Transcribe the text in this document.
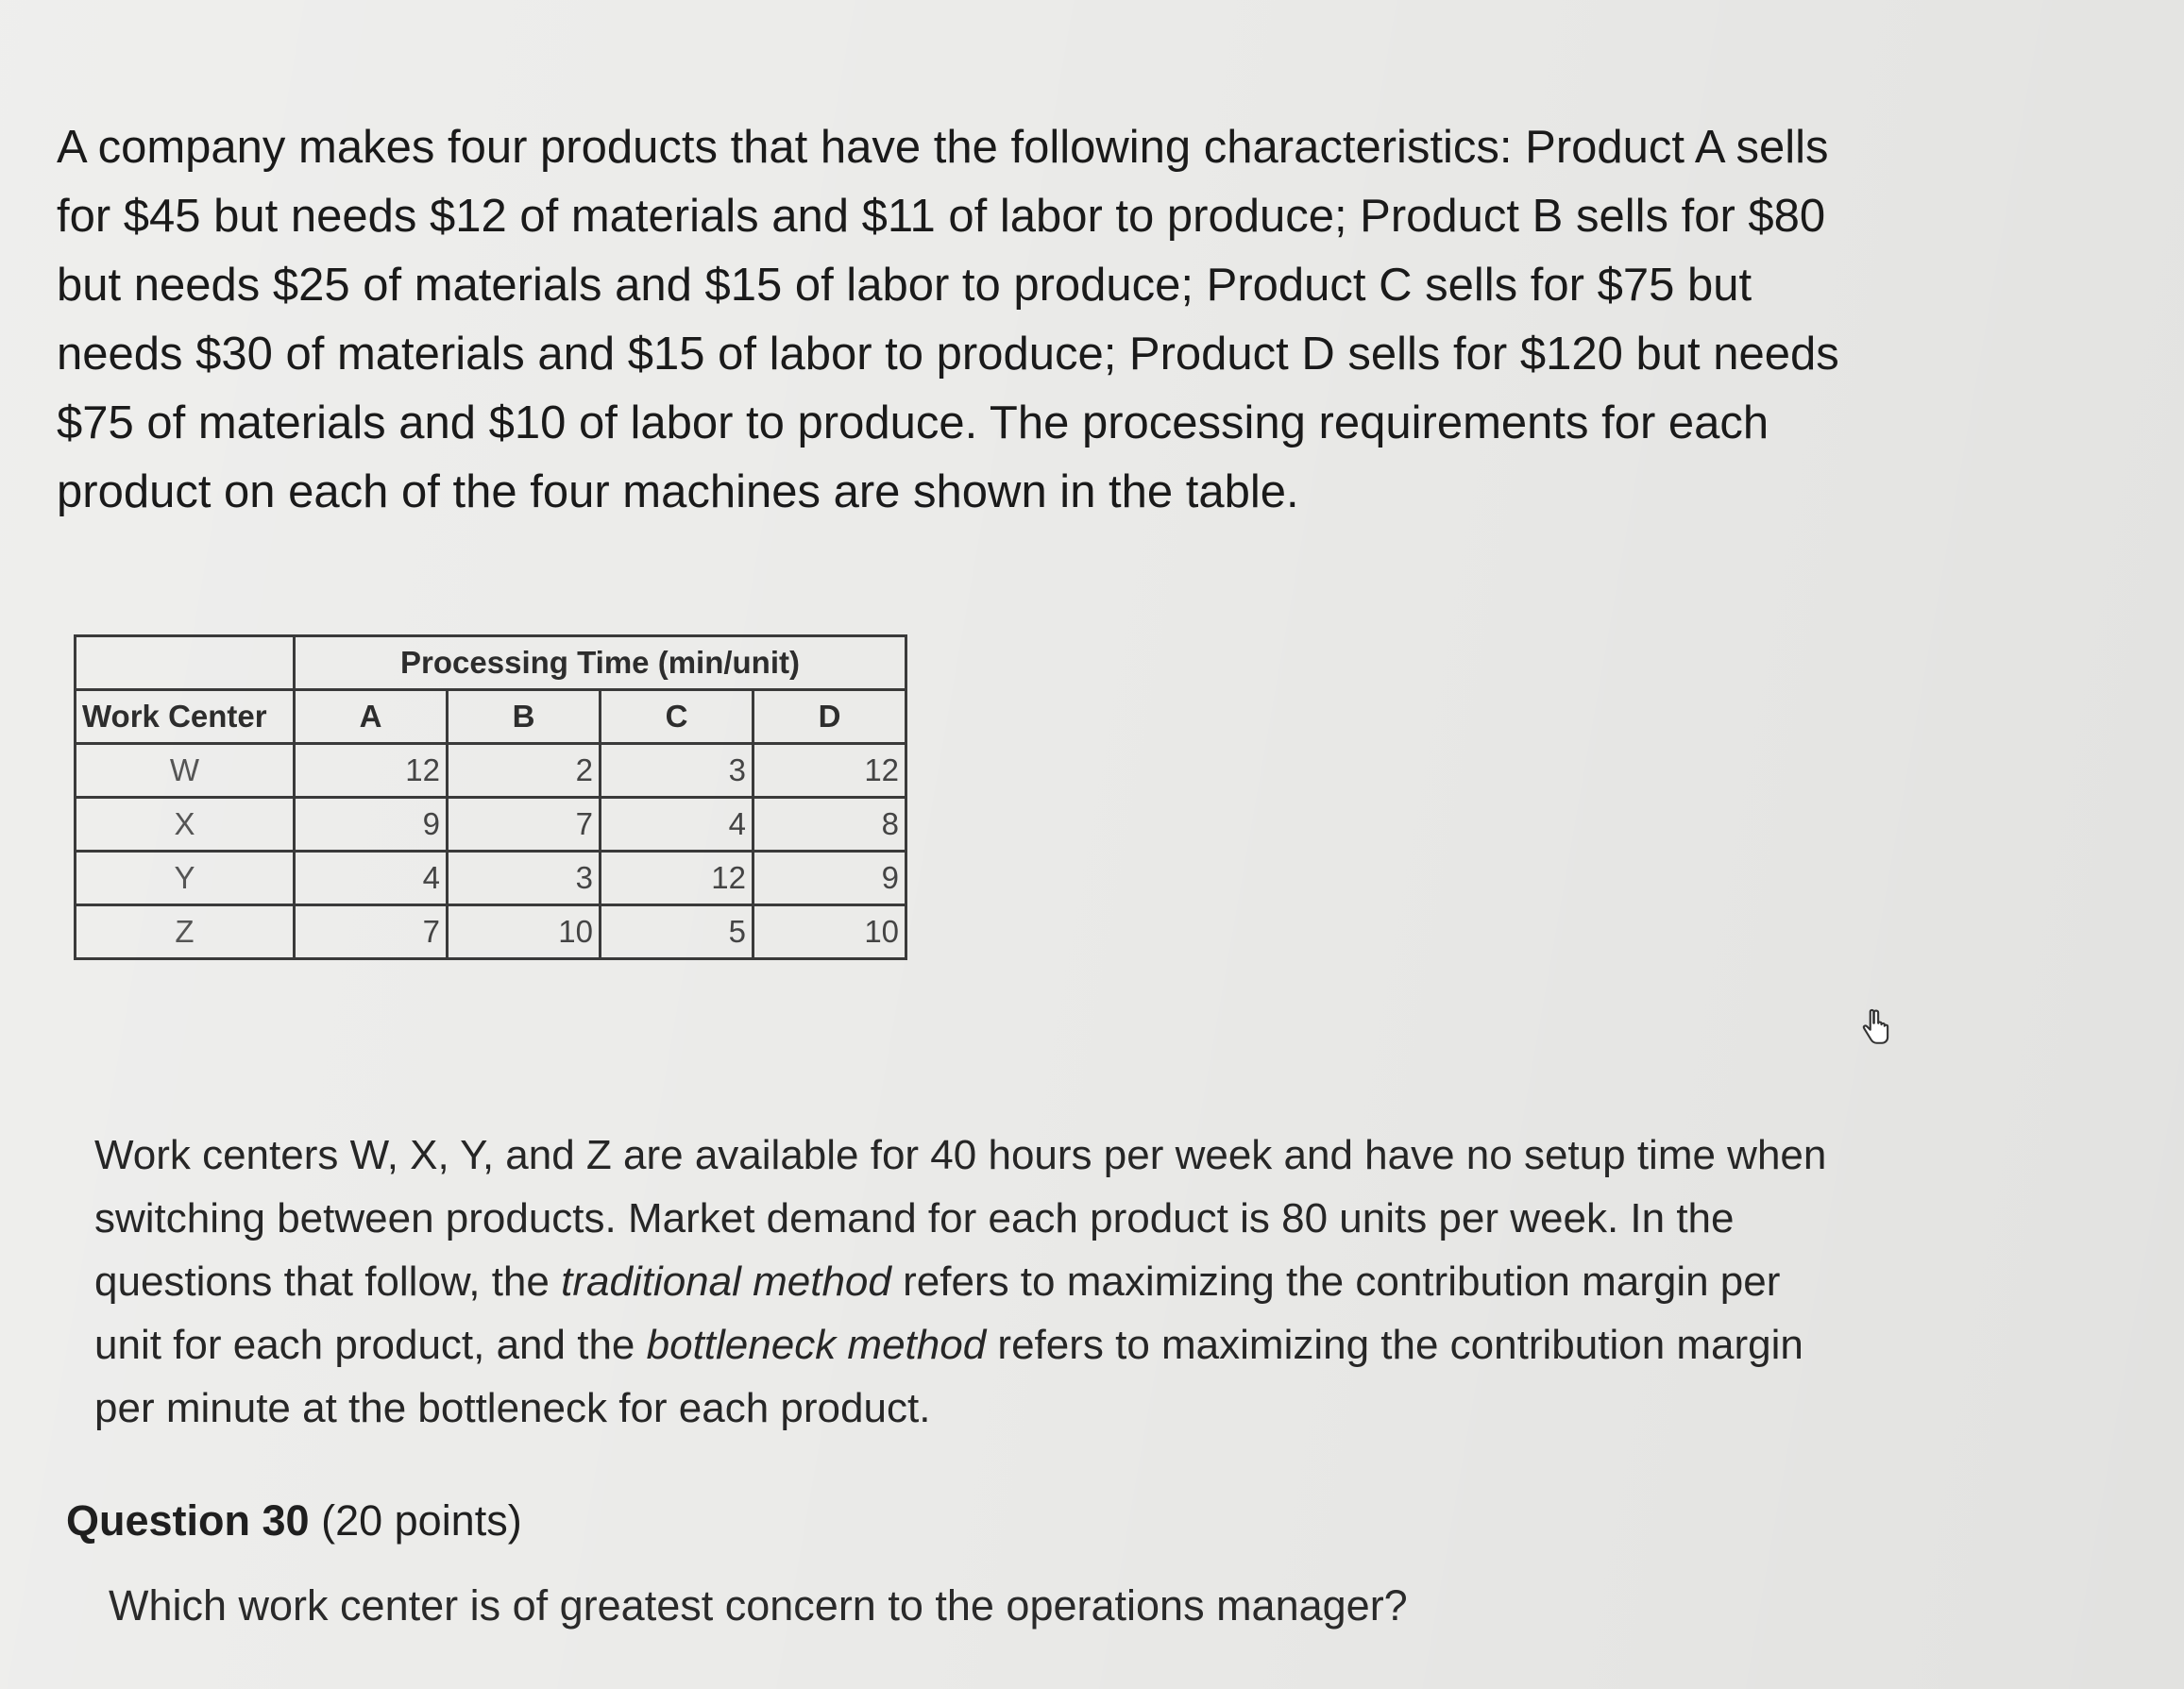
A company makes four products that have the following characteristics: Product A sells for $45 but needs $12 of materials and $11 of labor to produce; Product B sells for $80 but needs $25 of materials and $15 of labor to produce; Product C sells for $75 but needs $30 of materials and $15 of labor to produce; Product D sells for $120 but needs $75 of materials and $10 of labor to produce. The processing requirements for each product on each of the four machines are shown in the table.

	Processing Time (min/unit)			
Work Center	A	B	C	D
W	12	2	3	12
X	9	7	4	8
Y	4	3	12	9
Z	7	10	5	10

Work centers W, X, Y, and Z are available for 40 hours per week and have no setup time when switching between products. Market demand for each product is 80 units per week. In the questions that follow, the traditional method refers to maximizing the contribution margin per unit for each product, and the bottleneck method refers to maximizing the contribution margin per minute at the bottleneck for each product.

Question 30 (20 points)

Which work center is of greatest concern to the operations manager?
